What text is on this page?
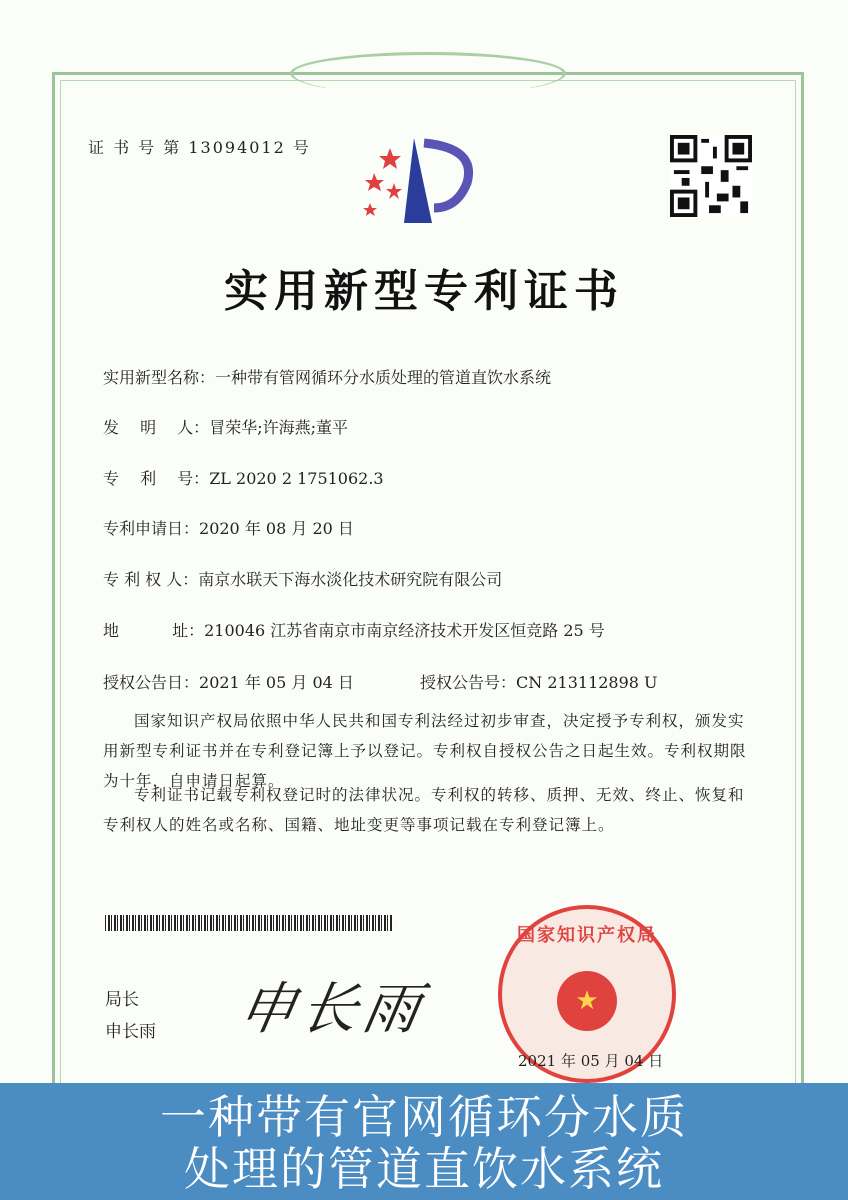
证 书 号 第 13094012 号
实用新型专利证书
实用新型名称：一种带有管网循环分水质处理的管道直饮水系统
发　 明　 人：冒荣华;许海燕;董平
专　 利　 号：ZL 2020 2 1751062.3
专利申请日：2020 年 08 月 20 日
专 利 权 人：南京水联天下海水淡化技术研究院有限公司
地　　　 址：210046 江苏省南京市南京经济技术开发区恒竞路 25 号
授权公告日：2021 年 05 月 04 日	授权公告号：CN 213112898 U
国家知识产权局依照中华人民共和国专利法经过初步审查，决定授予专利权，颁发实用新型专利证书并在专利登记簿上予以登记。专利权自授权公告之日起生效。专利权期限为十年，自申请日起算。
专利证书记载专利权登记时的法律状况。专利权的转移、质押、无效、终止、恢复和专利权人的姓名或名称、国籍、地址变更等事项记载在专利登记簿上。
局长
申长雨 申长雨	★
国家知识产权局
2021 年 05 月 04 日
一种带有官网循环分水质
处理的管道直饮水系统
